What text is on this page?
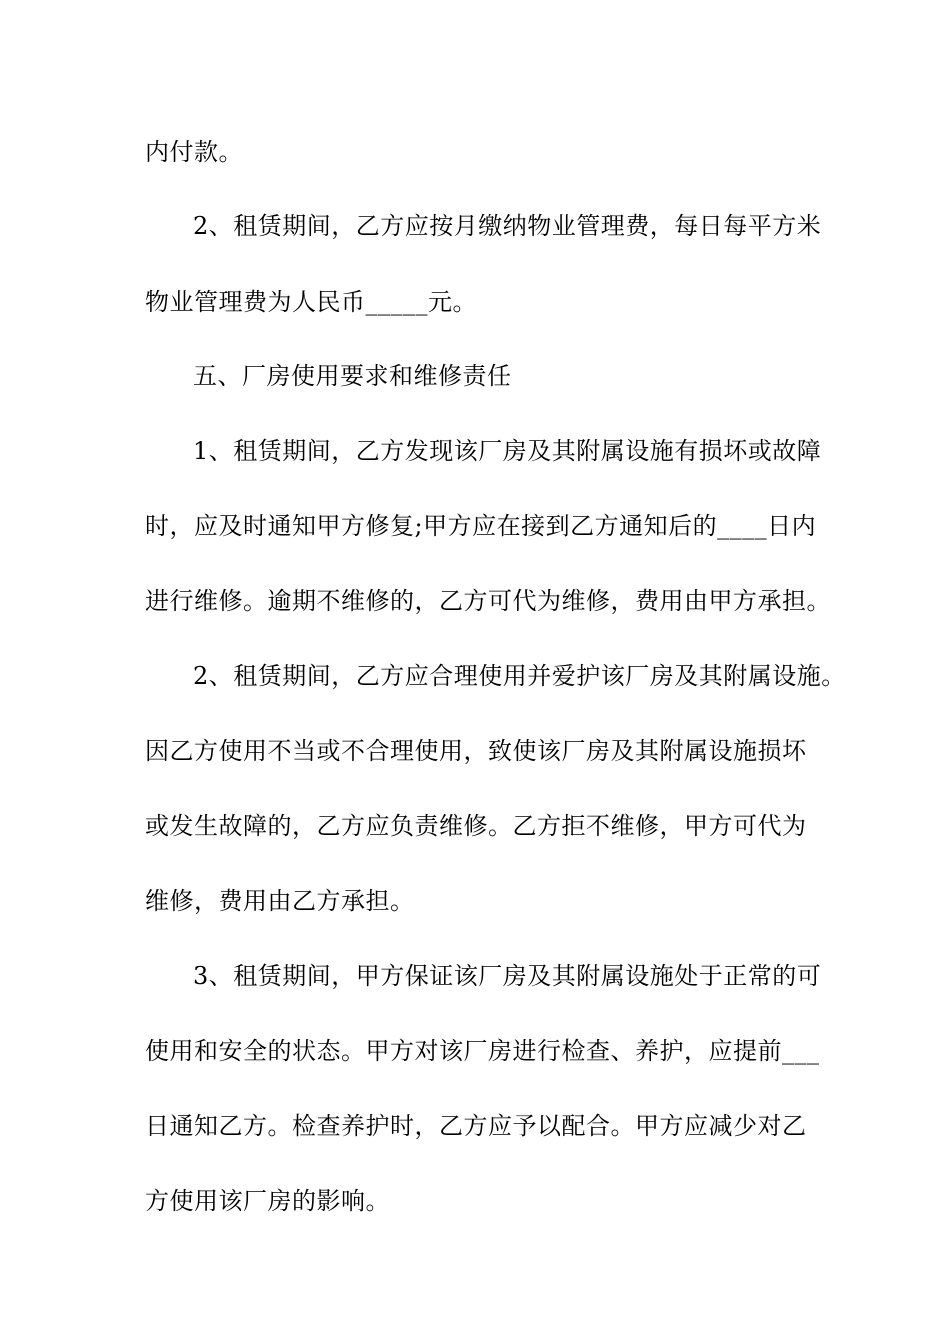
内付款。
2、租赁期间，乙方应按月缴纳物业管理费，每日每平方米
物业管理费为人民币_____元。
五、厂房使用要求和维修责任
1、租赁期间，乙方发现该厂房及其附属设施有损坏或故障
时，应及时通知甲方修复;甲方应在接到乙方通知后的____日内
进行维修。逾期不维修的，乙方可代为维修，费用由甲方承担。
2、租赁期间，乙方应合理使用并爱护该厂房及其附属设施。
因乙方使用不当或不合理使用，致使该厂房及其附属设施损坏
或发生故障的，乙方应负责维修。乙方拒不维修，甲方可代为
维修，费用由乙方承担。
3、租赁期间，甲方保证该厂房及其附属设施处于正常的可
使用和安全的状态。甲方对该厂房进行检查、养护，应提前___
日通知乙方。检查养护时，乙方应予以配合。甲方应减少对乙
方使用该厂房的影响。
